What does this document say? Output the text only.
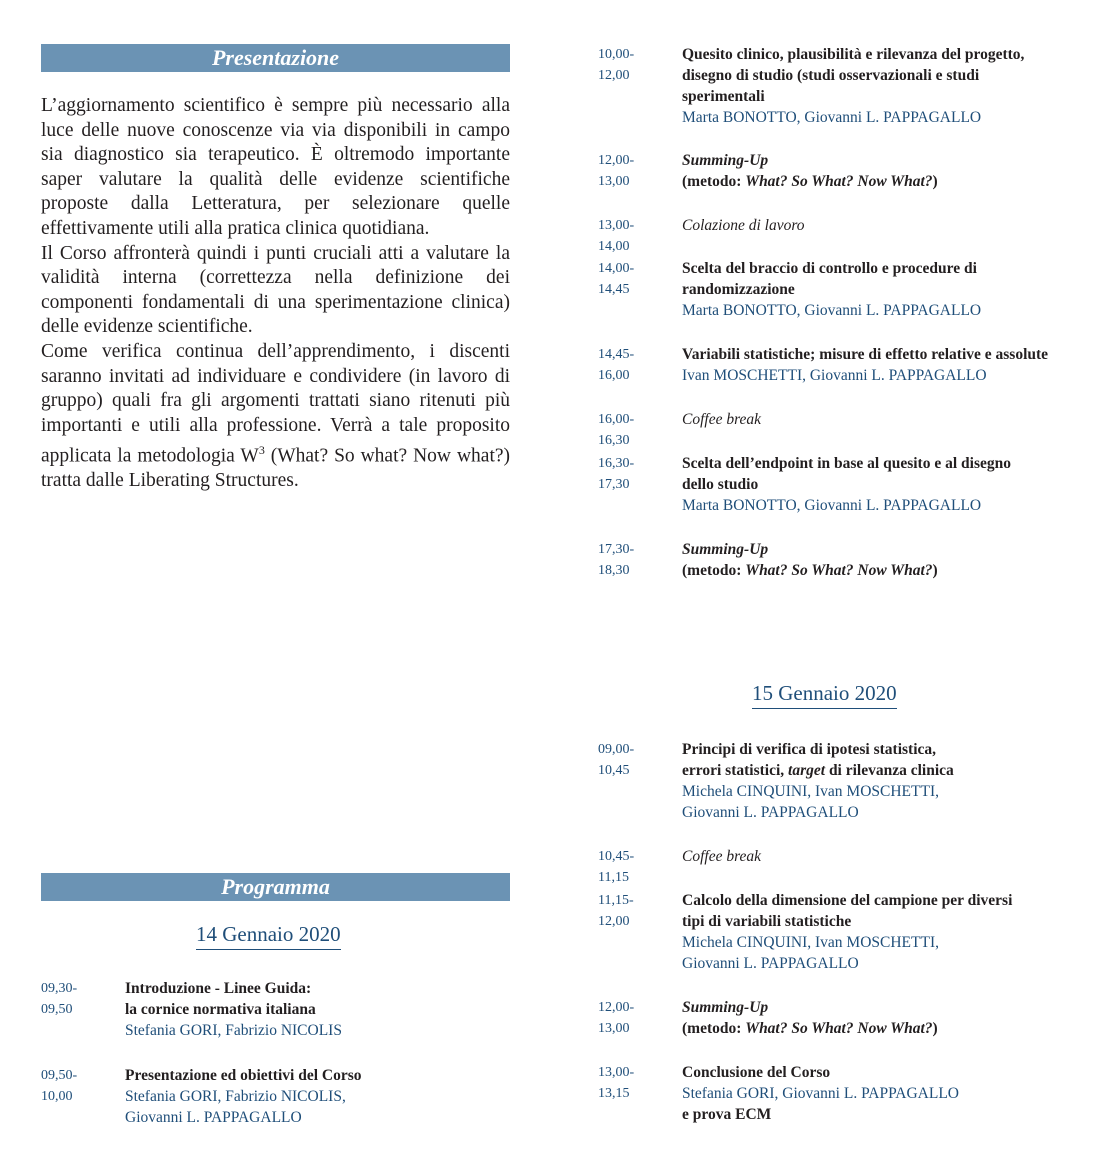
Presentazione

L’aggiornamento scientifico è sempre più necessario alla luce delle nuove conoscenze via via disponibili in campo sia diagnostico sia terapeutico. È oltremodo importante saper valutare la qualità delle evidenze scientifiche proposte dalla Letteratura, per selezionare quelle effettivamente utili alla pratica clinica quotidiana.

Il Corso affronterà quindi i punti cruciali atti a valutare la validità interna (correttezza nella definizione dei componenti fondamentali di una sperimentazione clinica) delle evidenze scientifiche.

Come verifica continua dell’apprendimento, i discenti saranno invitati ad individuare e condividere (in lavoro di gruppo) quali fra gli argomenti trattati siano ritenuti più importanti e utili alla professione. Verrà a tale proposito applicata la metodologia $W^3$ (What? So what? Now what?) tratta dalle Liberating Structures.

Programma
14 Gennaio 2020
09,30-09,50
Introduzione - Linee Guida:
la cornice normativa italiana
Stefania GORI, Fabrizio NICOLIS
09,50-10,00
Presentazione ed obiettivi del Corso
Stefania GORI, Fabrizio NICOLIS,
Giovanni L. PAPPAGALLO
10,00-12,00
Quesito clinico, plausibilità e rilevanza del progetto,
disegno di studio (studi osservazionali e studi
sperimentali
Marta BONOTTO, Giovanni L. PAPPAGALLO
12,00-13,00
Summing-Up
(metodo: What? So What? Now What?)
13,00-14,00
Colazione di lavoro
14,00-14,45
Scelta del braccio di controllo e procedure di
randomizzazione
Marta BONOTTO, Giovanni L. PAPPAGALLO
14,45-16,00
Variabili statistiche; misure di effetto relative e assolute
Ivan MOSCHETTI, Giovanni L. PAPPAGALLO
16,00-16,30
Coffee break
16,30-17,30
Scelta dell’endpoint in base al quesito e al disegno
dello studio
Marta BONOTTO, Giovanni L. PAPPAGALLO
17,30-18,30
Summing-Up
(metodo: What? So What? Now What?)
15 Gennaio 2020
09,00-10,45
Principi di verifica di ipotesi statistica,
errori statistici, target di rilevanza clinica
Michela CINQUINI, Ivan MOSCHETTI,
Giovanni L. PAPPAGALLO
10,45-11,15
Coffee break
11,15-12,00
Calcolo della dimensione del campione per diversi
tipi di variabili statistiche
Michela CINQUINI, Ivan MOSCHETTI,
Giovanni L. PAPPAGALLO
12,00-13,00
Summing-Up
(metodo: What? So What? Now What?)
13,00-13,15
Conclusione del Corso
Stefania GORI, Giovanni L. PAPPAGALLO
e prova ECM
